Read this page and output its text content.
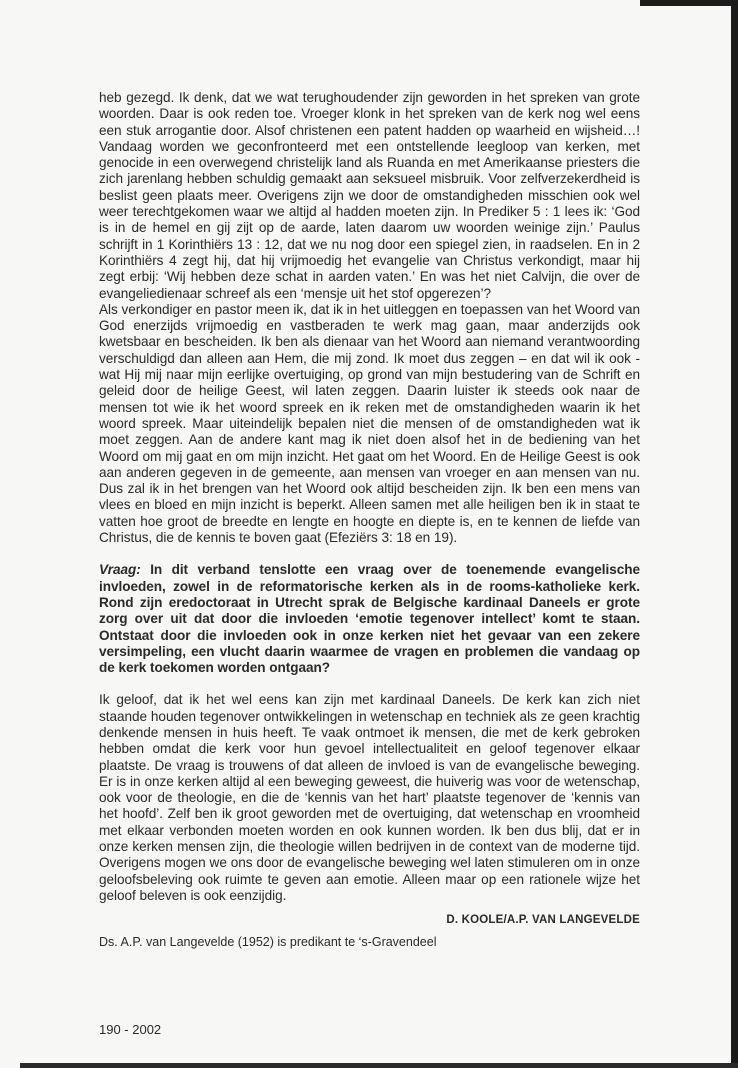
heb gezegd. Ik denk, dat we wat terughoudender zijn geworden in het spreken van grote woorden. Daar is ook reden toe. Vroeger klonk in het spreken van de kerk nog wel eens een stuk arrogantie door. Alsof christenen een patent hadden op waarheid en wijsheid…! Vandaag worden we geconfronteerd met een ontstellende leegloop van kerken, met genocide in een overwegend christelijk land als Ruanda en met Amerikaanse priesters die zich jarenlang hebben schuldig gemaakt aan seksueel misbruik. Voor zelfverzekerdheid is beslist geen plaats meer. Overigens zijn we door de omstandigheden misschien ook wel weer terechtgekomen waar we altijd al hadden moeten zijn. In Prediker 5 : 1 lees ik: ‘God is in de hemel en gij zijt op de aarde, laten daarom uw woorden weinige zijn.’ Paulus schrijft in 1 Korinthiërs 13 : 12, dat we nu nog door een spiegel zien, in raadselen. En in 2 Korinthiërs 4 zegt hij, dat hij vrijmoedig het evangelie van Christus verkondigt, maar hij zegt erbij: ‘Wij hebben deze schat in aarden vaten.’ En was het niet Calvijn, die over de evangeliedienaar schreef als een ‘mensje uit het stof opgerezen’?

Als verkondiger en pastor meen ik, dat ik in het uitleggen en toepassen van het Woord van God enerzijds vrijmoedig en vastberaden te werk mag gaan, maar anderzijds ook kwetsbaar en bescheiden. Ik ben als dienaar van het Woord aan niemand verantwoording verschuldigd dan alleen aan Hem, die mij zond. Ik moet dus zeggen – en dat wil ik ook - wat Hij mij naar mijn eerlijke overtuiging, op grond van mijn bestudering van de Schrift en geleid door de heilige Geest, wil laten zeggen. Daarin luister ik steeds ook naar de mensen tot wie ik het woord spreek en ik reken met de omstandigheden waarin ik het woord spreek. Maar uiteindelijk bepalen niet die mensen of de omstandigheden wat ik moet zeggen. Aan de andere kant mag ik niet doen alsof het in de bediening van het Woord om mij gaat en om mijn inzicht. Het gaat om het Woord. En de Heilige Geest is ook aan anderen gegeven in de gemeente, aan mensen van vroeger en aan mensen van nu. Dus zal ik in het brengen van het Woord ook altijd bescheiden zijn. Ik ben een mens van vlees en bloed en mijn inzicht is beperkt. Alleen samen met alle heiligen ben ik in staat te vatten hoe groot de breedte en lengte en hoogte en diepte is, en te kennen de liefde van Christus, die de kennis te boven gaat (Efeziërs 3: 18 en 19).

Vraag: In dit verband tenslotte een vraag over de toenemende evangelische invloeden, zowel in de reformatorische kerken als in de rooms-katholieke kerk. Rond zijn eredoctoraat in Utrecht sprak de Belgische kardinaal Daneels er grote zorg over uit dat door die invloeden ‘emotie tegenover intellect’ komt te staan. Ontstaat door die invloeden ook in onze kerken niet het gevaar van een zekere versimpeling, een vlucht daarin waarmee de vragen en problemen die vandaag op de kerk toekomen worden ontgaan?

Ik geloof, dat ik het wel eens kan zijn met kardinaal Daneels. De kerk kan zich niet staande houden tegenover ontwikkelingen in wetenschap en techniek als ze geen krachtig denkende mensen in huis heeft. Te vaak ontmoet ik mensen, die met de kerk gebroken hebben omdat die kerk voor hun gevoel intellectualiteit en geloof tegenover elkaar plaatste. De vraag is trouwens of dat alleen de invloed is van de evangelische beweging. Er is in onze kerken altijd al een beweging geweest, die huiverig was voor de wetenschap, ook voor de theologie, en die de ‘kennis van het hart’ plaatste tegenover de ‘kennis van het hoofd’. Zelf ben ik groot geworden met de overtuiging, dat wetenschap en vroomheid met elkaar verbonden moeten worden en ook kunnen worden. Ik ben dus blij, dat er in onze kerken mensen zijn, die theologie willen bedrijven in de context van de moderne tijd. Overigens mogen we ons door de evangelische beweging wel laten stimuleren om in onze geloofsbeleving ook ruimte te geven aan emotie. Alleen maar op een rationele wijze het geloof beleven is ook eenzijdig.

D. KOOLE/A.P. VAN LANGEVELDE
Ds. A.P. van Langevelde (1952) is predikant te ‘s-Gravendeel
190 - 2002
